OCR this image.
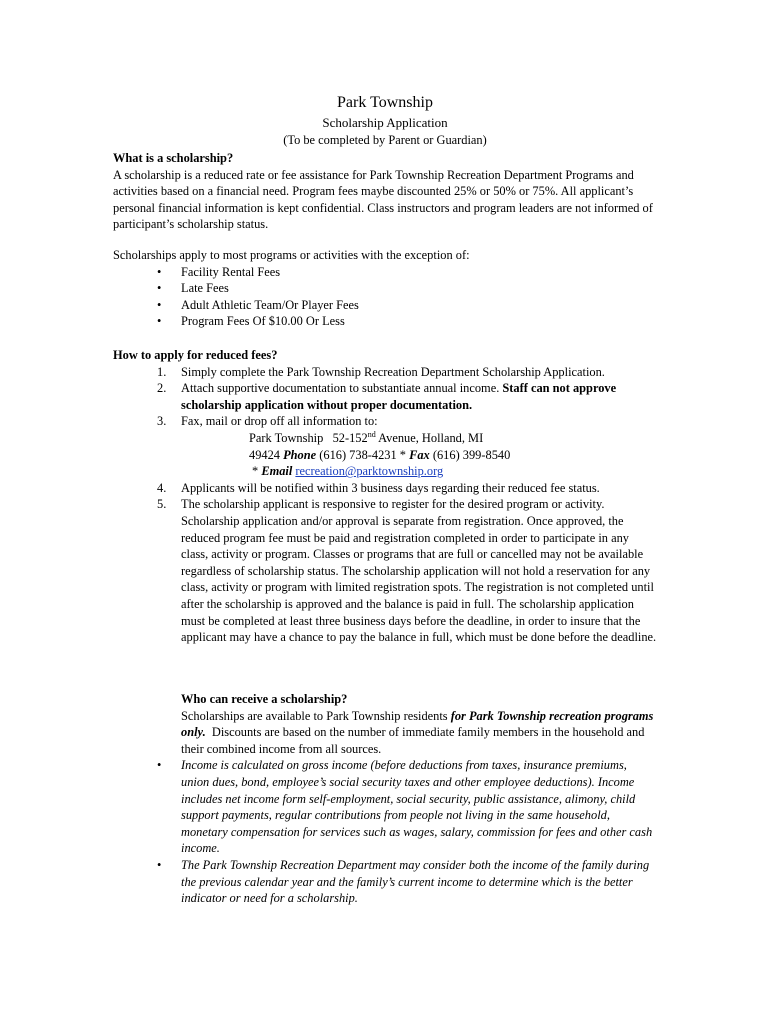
Park Township
Scholarship Application
(To be completed by Parent or Guardian)

What is a scholarship?

A scholarship is a reduced rate or fee assistance for Park Township Recreation Department Programs and activities based on a financial need. Program fees maybe discounted 25% or 50% or 75%. All applicant’s personal financial information is kept confidential. Class instructors and program leaders are not informed of participant’s scholarship status.

Scholarships apply to most programs or activities with the exception of:

• Facility Rental Fees
• Late Fees
• Adult Athletic Team/Or Player Fees
• Program Fees Of $10.00 Or Less

How to apply for reduced fees?

1. Simply complete the Park Township Recreation Department Scholarship Application.
2. Attach supportive documentation to substantiate annual income. Staff can not approve scholarship application without proper documentation.
3. Fax, mail or drop off all information to:
Park Township 52-152nd Avenue, Holland, MI
49424 Phone (616) 738-4231 * Fax (616) 399-8540
* Email recreation@parktownship.org
4. Applicants will be notified within 3 business days regarding their reduced fee status.
5. The scholarship applicant is responsive to register for the desired program or activity. Scholarship application and/or approval is separate from registration. Once approved, the reduced program fee must be paid and registration completed in order to participate in any class, activity or program. Classes or programs that are full or cancelled may not be available regardless of scholarship status. The scholarship application will not hold a reservation for any class, activity or program with limited registration spots. The registration is not completed until after the scholarship is approved and the balance is paid in full. The scholarship application must be completed at least three business days before the deadline, in order to insure that the applicant may have a chance to pay the balance in full, which must be done before the deadline.

Who can receive a scholarship?

Scholarships are available to Park Township residents for Park Township recreation programs only. Discounts are based on the number of immediate family members in the household and their combined income from all sources.

• Income is calculated on gross income (before deductions from taxes, insurance premiums, union dues, bond, employee’s social security taxes and other employee deductions). Income includes net income form self-employment, social security, public assistance, alimony, child support payments, regular contributions from people not living in the same household, monetary compensation for services such as wages, salary, commission for fees and other cash income.
• The Park Township Recreation Department may consider both the income of the family during the previous calendar year and the family’s current income to determine which is the better indicator or need for a scholarship.
